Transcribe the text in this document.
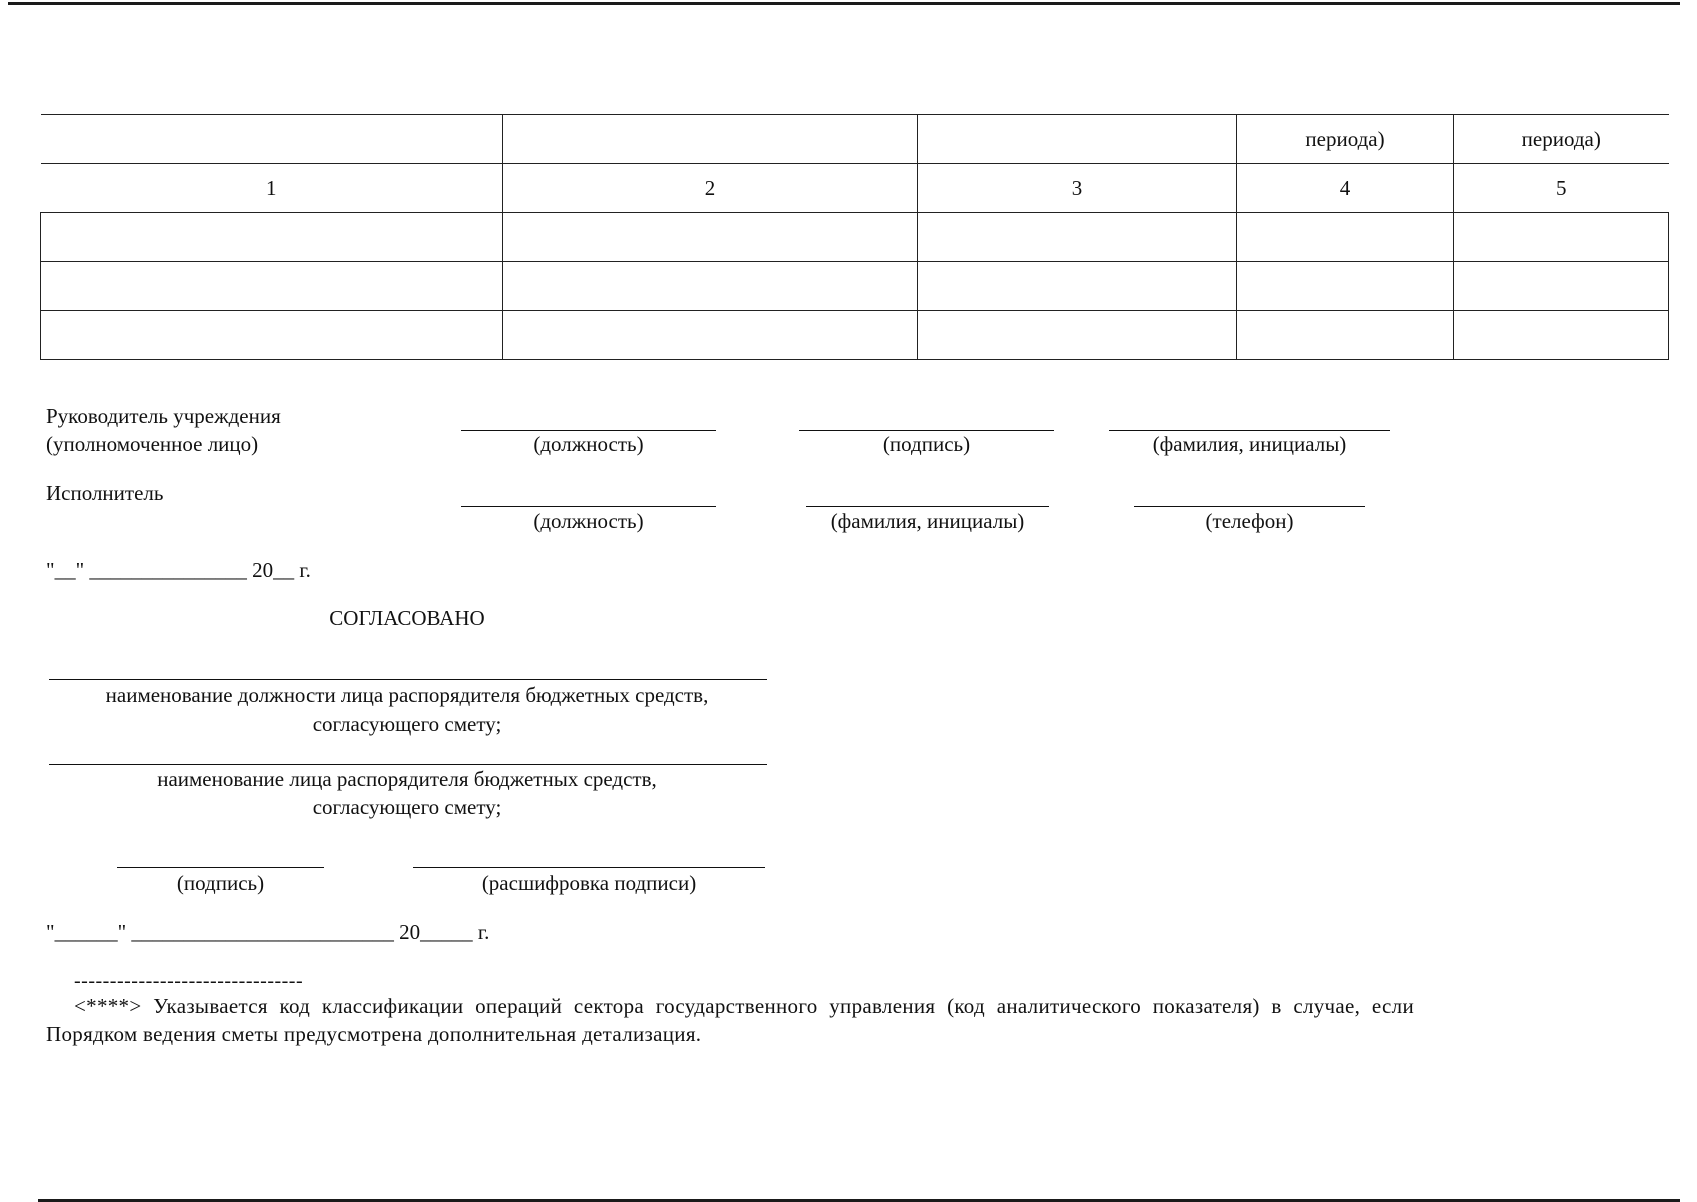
			периода)	периода)
1	2	3	4	5

Руководитель учреждения
(уполномоченное лицо)	(должность)	(подпись)	(фамилия, инициалы)
Исполнитель
(должность)	(фамилия, инициалы)	(телефон)
"__" _______________ 20__ г.
СОГЛАСОВАНО
наименование должности лица распорядителя бюджетных средств,
согласующего смету;
наименование лица распорядителя бюджетных средств,
согласующего смету;
(подпись)	(расшифровка подписи)
"______" _________________________ 20_____ г.
--------------------------------
<****> Указывается код классификации операций сектора государственного управления (код аналитического показателя) в случае, если Порядком ведения сметы предусмотрена дополнительная детализация.
